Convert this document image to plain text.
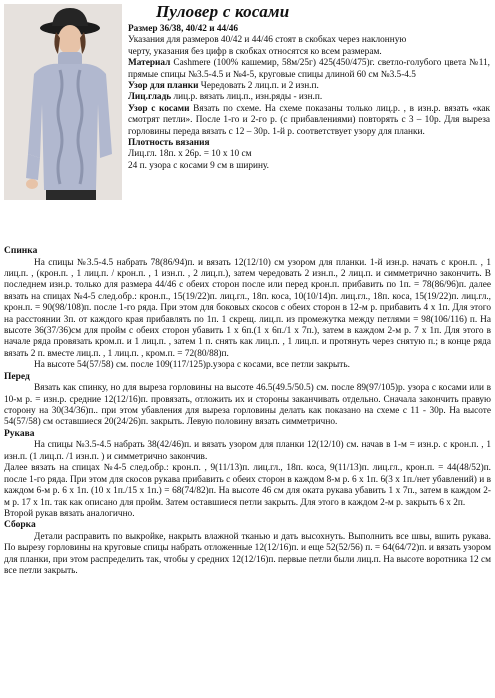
Пуловер с косами

Размер 36/38, 40/42 и 44/46

Указания для размеров 40/42 и 44/46 стоят в скобках через наклонную

черту, указания без цифр в скобках относятся ко всем размерам.

Материал Cashmere (100% кашемир, 58м/25г) 425(450/475)г. светло-голубого цвета №11, прямые спицы №3.5-4.5 и №4-5, круговые спицы длиной 60 см №3.5-4.5

Узор для планки Чередовать 2 лиц.п. и 2 изн.п.

Лиц.гладь лиц.р. вязать лиц.п., изн.ряды - изн.п.

Узор с косами Вязать по схеме. На схеме показаны только лиц.р. , в изн.р. вязать «как смотрят петли». После 1-го и 2-го р. (с прибавлениями) повторять с 3 – 10р. Для выреза горловины переда вязать с 12 – 30р. 1-й р. соответствует узору для планки.

Плотность вязания

Лиц.гл. 18п. х 26р. = 10 х 10 см

24 п. узора с косами 9 см в ширину.

Спинка

На спицы №3.5-4.5 набрать 78(86/94)п. и вязать 12(12/10) см узором для планки. 1-й изн.р. начать с крон.п. , 1 лиц.п. , (крон.п. , 1 лиц.п. / крон.п. , 1 изн.п. , 2 лиц.п.), затем чередовать 2 изн.п., 2 лиц.п. и симметрично закончить. В последнем изн.р. только для размера 44/46 с обеих сторон после или перед крон.п. прибавить по 1п. = 78(86/96)п. далее вязать на спицах №4-5 след.обр.: крон.п., 15(19/22)п. лиц.гл., 18п. коса, 10(10/14)п. лиц.гл., 18п. коса, 15(19/22)п. лиц.гл., крон.п. = 90(98/108)п. после 1-го ряда. При этом для боковых скосов с обеих сторон в 12-м р. прибавить 4 х 1п. Для этого на расстоянии 3п. от каждого края прибавлять по 1п. 1 скрещ. лиц.п. из промежутка между петлями = 98(106/116) п. На высоте 36(37/36)см для пройм с обеих сторон убавить 1 х 6п.(1 х 6п./1 х 7п.), затем в каждом 2-м р. 7 х 1п. Для этого в начале ряда провязать кром.п. и 1 лиц.п. , затем 1 п. снять как лиц.п. , 1 лиц.п. и протянуть через снятую п.; в конце ряда вязать 2 п. вместе лиц.п. , 1 лиц.п. , кром.п. = 72(80/88)п.

На высоте 54(57/58) см. после 109(117/125)р.узора с косами, все петли закрыть.

Перед

Вязать как спинку, но для выреза горловины на высоте 46.5(49.5/50.5) см. после 89(97/105)р. узора с косами или в 10-м р. = изн.р. средние 12(12/16)п. провязать, отложить их и стороны заканчивать отдельно. Сначала закончить правую сторону на 30(34/36)п.. при этом убавления для выреза горловины делать как показано на схеме с 11 - 30р. На высоте 54(57/58) см оставшиеся 20(24/26)п. закрыть. Левую половину вязать симметрично.

Рукава

На спицы №3.5-4.5 набрать 38(42/46)п. и вязать узором для планки 12(12/10) см. начав в 1-м = изн.р. с крон.п. , 1 изн.п. (1 лиц.п. /1 изн.п. ) и симметрично закончив.

Далее вязать на спицах №4-5 след.обр.: крон.п. , 9(11/13)п. лиц.гл., 18п. коса, 9(11/13)п. лиц.гл., крон.п. = 44(48/52)п. после 1-го ряда. При этом для скосов рукава прибавить с обеих сторон в каждом 8-м р. 6 х 1п. 6(3 х 1п./нет убавлений) и в каждом 6-м р. 6 х 1п. (10 х 1п./15 х 1п.) = 68(74/82)п. На высоте 46 см для оката рукава убавить 1 х 7п., затем в каждом 2-м р. 17 х 1п. так как описано для пройм. Затем оставшиеся петли закрыть. Для этого в каждом 2-м р. закрыть 6 х 2п.

Второй рукав вязать аналогично.

Сборка

Детали расправить по выкройке, накрыть влажной тканью и дать высохнуть. Выполнить все швы, вшить рукава. По вырезу горловины на круговые спицы набрать отложенные 12(12/16)п. и еще 52(52/56) п. = 64(64/72)п. и вязать узором для планки, при этом распределить так, чтобы у средних 12(12/16)п. первые петли были лиц.п. На высоте воротника 12 см все петли закрыть.
